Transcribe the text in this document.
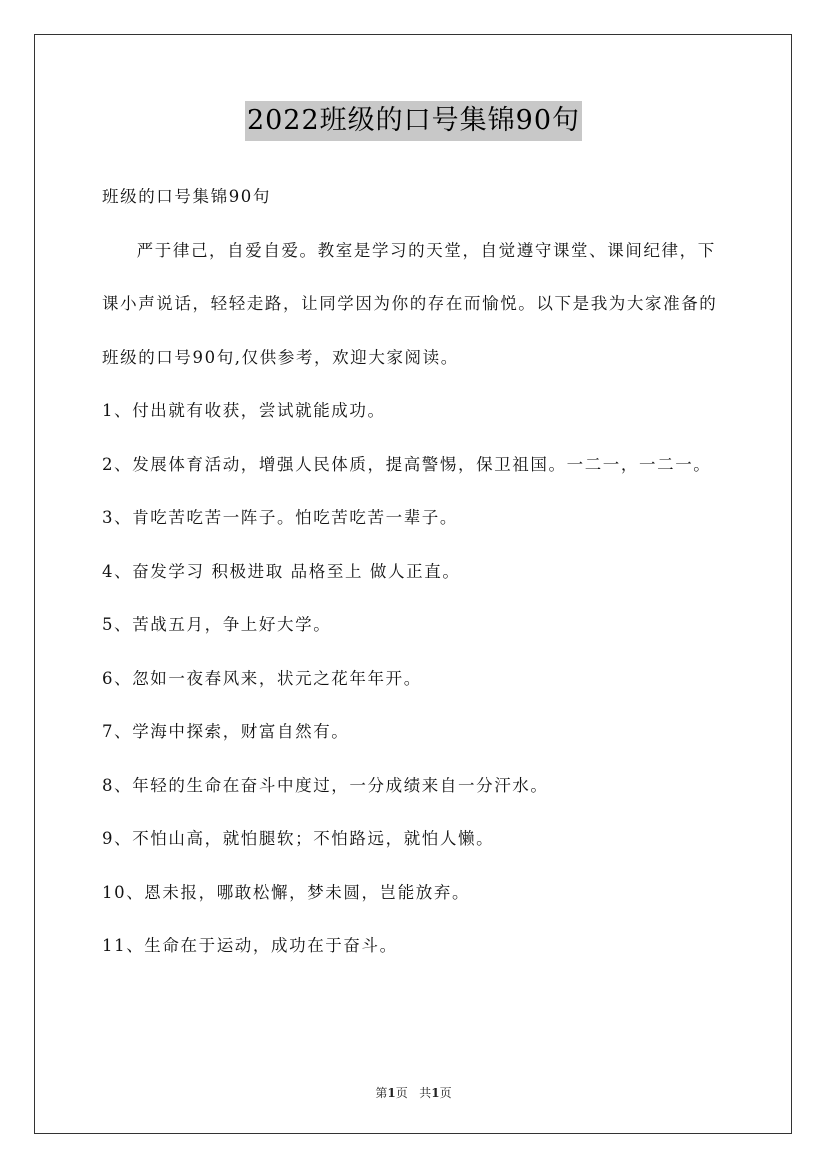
2022班级的口号集锦90句

班级的口号集锦90句

严于律己，自爱自爱。教室是学习的天堂，自觉遵守课堂、课间纪律，下课小声说话，轻轻走路，让同学因为你的存在而愉悦。以下是我为大家准备的班级的口号90句,仅供参考，欢迎大家阅读。

1、付出就有收获，尝试就能成功。

2、发展体育活动，增强人民体质，提高警惕，保卫祖国。一二一，一二一。

3、肯吃苦吃苦一阵子。怕吃苦吃苦一辈子。

4、奋发学习 积极进取 品格至上 做人正直。

5、苦战五月，争上好大学。

6、忽如一夜春风来，状元之花年年开。

7、学海中探索，财富自然有。

8、年轻的生命在奋斗中度过，一分成绩来自一分汗水。

9、不怕山高，就怕腿软；不怕路远，就怕人懒。

10、恩未报，哪敢松懈，梦未圆，岂能放弃。

11、生命在于运动，成功在于奋斗。

第1页   共1页
